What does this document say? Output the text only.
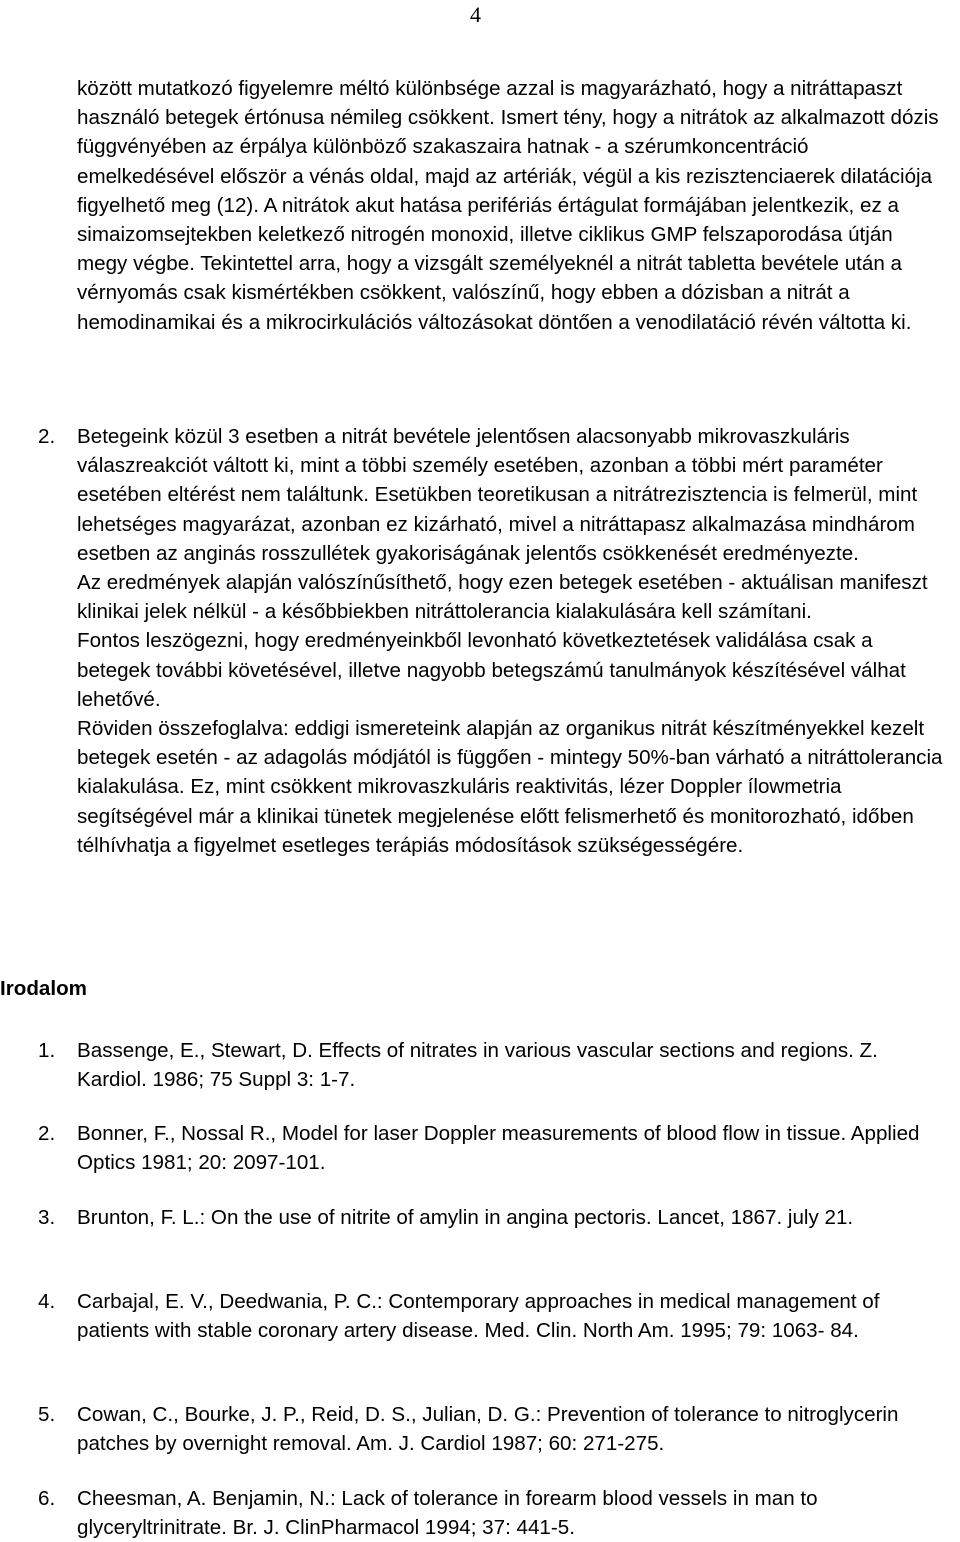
4

között mutatkozó figyelemre méltó különbsége azzal is magyarázható, hogy a nitráttapaszt használó betegek értónusa némileg csökkent. Ismert tény, hogy a nitrátok az alkalmazott dózis függvényében az érpálya különböző szakaszaira hatnak - a szérumkoncentráció emelkedésével először a vénás oldal, majd az artériák, végül a kis rezisztenciaerek dilatációja figyelhető meg (12). A nitrátok akut hatása perifériás értágulat formájában jelentkezik, ez a simaizomsejtekben keletkező nitrogén monoxid, illetve ciklikus GMP felszaporodása útján megy végbe. Tekintettel arra, hogy a vizsgált személyeknél a nitrát tabletta bevétele után a vérnyomás csak kismértékben csökkent, valószínű, hogy ebben a dózisban a nitrát a hemodinamikai és a mikrocirkulációs változásokat döntően a venodilatáció révén váltotta ki.

2. Betegeink közül 3 esetben a nitrát bevétele jelentősen alacsonyabb mikrovaszkuláris válaszreakciót váltott ki, mint a többi személy esetében, azonban a többi mért paraméter esetében eltérést nem találtunk. Esetükben teoretikusan a nitrátrezisztencia is felmerül, mint lehetséges magyarázat, azonban ez kizárható, mivel a nitráttapasz alkalmazása mindhárom esetben az anginás rosszullétek gyakoriságának jelentős csökkenését eredményezte.

Az eredmények alapján valószínűsíthető, hogy ezen betegek esetében - aktuálisan manifeszt klinikai jelek nélkül - a későbbiekben nitráttolerancia kialakulására kell számítani.

Fontos leszögezni, hogy eredményeinkből levonható következtetések validálása csak a betegek további követésével, illetve nagyobb betegszámú tanulmányok készítésével válhat lehetővé.

Röviden összefoglalva: eddigi ismereteink alapján az organikus nitrát készítményekkel kezelt betegek esetén - az adagolás módjától is függően - mintegy 50%-ban várható a nitráttolerancia kialakulása. Ez, mint csökkent mikrovaszkuláris reaktivitás, lézer Doppler ílowmetria segítségével már a klinikai tünetek megjelenése előtt felismerhető és monitorozható, időben télhívhatja a figyelmet esetleges terápiás módosítások szükségességére.

Irodalom
1. Bassenge, E., Stewart, D. Effects of nitrates in various vascular sections and regions. Z. Kardiol. 1986; 75 Suppl 3: 1-7.
2. Bonner, F., Nossal R., Model for laser Doppler measurements of blood flow in tissue. Applied Optics 1981; 20: 2097-101.
3. Brunton, F. L.: On the use of nitrite of amylin in angina pectoris. Lancet, 1867. july 21.
4. Carbajal, E. V., Deedwania, P. C.: Contemporary approaches in medical management of patients with stable coronary artery disease. Med. Clin. North Am. 1995; 79: 1063- 84.
5. Cowan, C., Bourke, J. P., Reid, D. S., Julian, D. G.: Prevention of tolerance to nitroglycerin patches by overnight removal. Am. J. Cardiol 1987; 60: 271-275.
6. Cheesman, A. Benjamin, N.: Lack of tolerance in forearm blood vessels in man to glyceryltrinitrate. Br. J. ClinPharmacol 1994; 37: 441-5.
